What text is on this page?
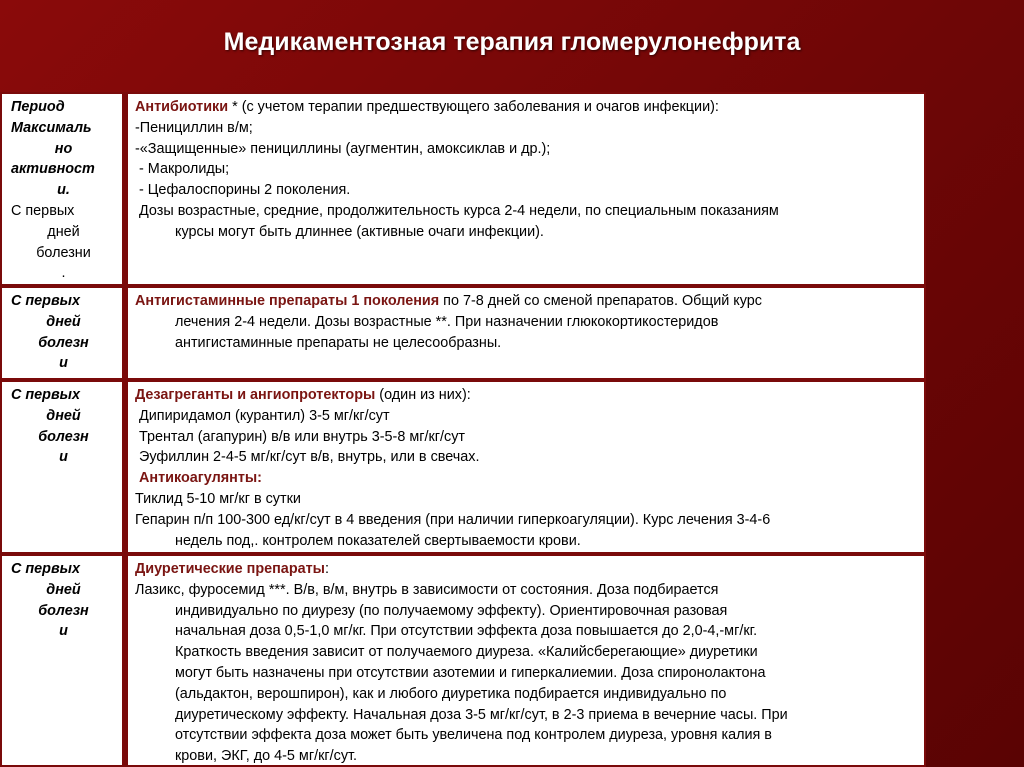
Медикаментозная терапия гломерулонефрита
Период
Максималь
но
активност
и.
С первых
дней
болезни
.
Антибиотики * (с учетом терапии предшествующего заболевания и очагов инфекции):
-Пенициллин в/м;
-«Защищенные» пенициллины (аугментин, амоксиклав и др.);
- Макролиды;
- Цефалоспорины 2 поколения.
Дозы возрастные, средние, продолжительность курса 2-4 недели, по специальным показаниям
курсы могут быть длиннее (активные очаги инфекции).
С первых
дней
болезн
и
Антигистаминные препараты 1 поколения по 7-8 дней со сменой препаратов. Общий курс
лечения 2-4 недели. Дозы возрастные **. При назначении глюкокортикостеридов
антигистаминные препараты не целесообразны.
С первых
дней
болезн
и
Дезагреганты и ангиопротекторы (один из них):
Дипиридамол (курантил) 3-5 мг/кг/сут
Трентал (агапурин) в/в или внутрь 3-5-8 мг/кг/сут
Эуфиллин 2-4-5 мг/кг/сут в/в, внутрь, или в свечах.
Антикоагулянты:
Тиклид 5-10 мг/кг в сутки
Гепарин п/п 100-300 ед/кг/сут в 4 введения (при наличии гиперкоагуляции). Курс лечения 3-4-6
недель под,. контролем показателей свертываемости крови.
С первых
дней
болезн
и
Диуретические препараты:
Лазикс, фуросемид ***. В/в, в/м, внутрь в зависимости от состояния. Доза подбирается
индивидуально по диурезу (по получаемому эффекту). Ориентировочная разовая
начальная доза 0,5-1,0 мг/кг. При отсутствии эффекта доза повышается до 2,0-4,-мг/кг.
Краткость введения зависит от получаемого диуреза. «Калийсберегающие» диуретики
могут быть назначены при отсутствии азотемии и гиперкалиемии. Доза спиронолактона
(альдактон, верошпирон), как и любого диуретика подбирается индивидуально по
диуретическому эффекту. Начальная доза 3-5 мг/кг/сут, в 2-3 приема в вечерние часы. При
отсутствии эффекта доза может быть увеличена под контролем диуреза, уровня калия в
крови, ЭКГ, до 4-5 мг/кг/сут.
